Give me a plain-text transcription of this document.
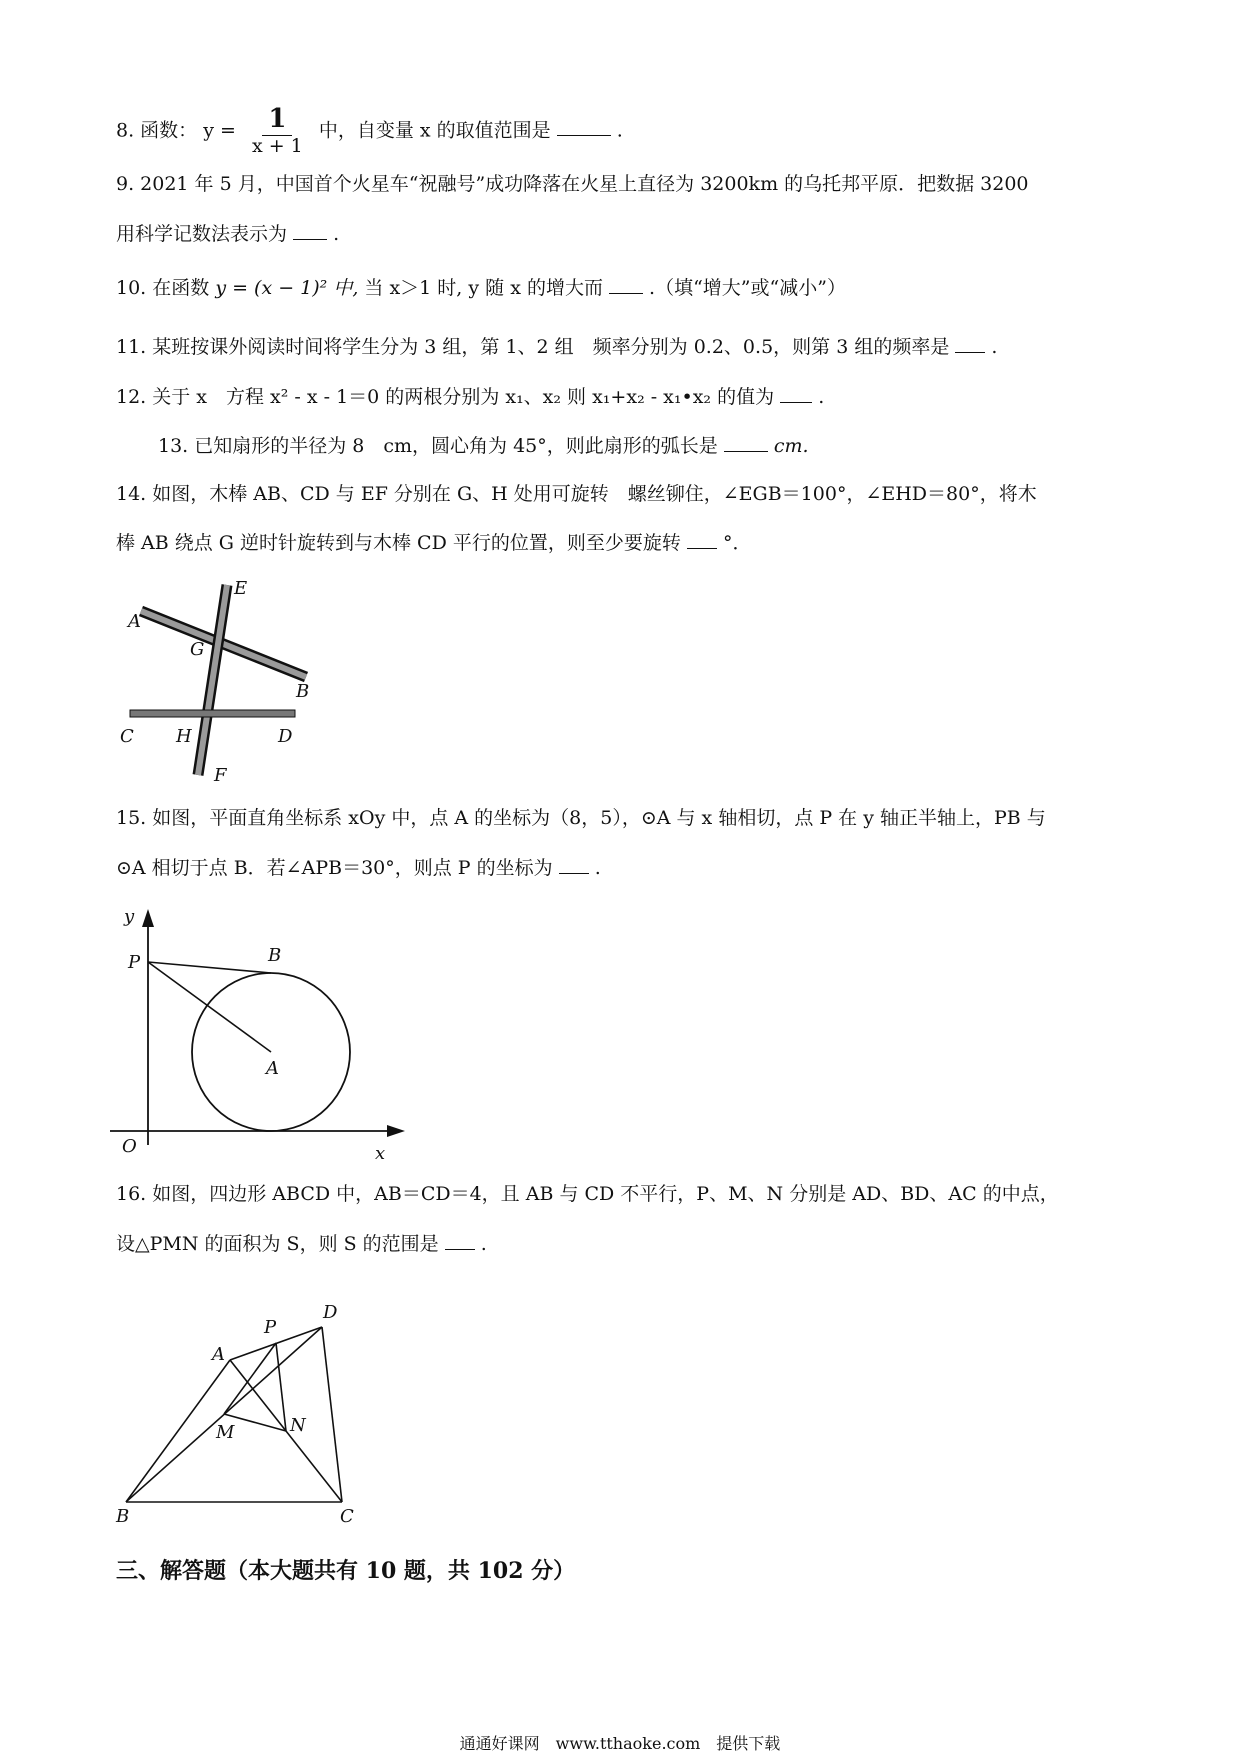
8. 函数： $y = \frac{1}{x + 1}$ 中，自变量 x 的取值范围是	.
9. 2021 年 5 月，中国首个火星车“祝融号”成功降落在火星上直径为 3200km 的乌托邦平原．把数据 3200
用科学记数法表示为 .
10. 在函数 y = (x − 1)² 中, 当 x＞1 时, y 随 x 的增大而 .（填“增大”或“减小”）
11. 某班按课外阅读时间将学生分为 3 组，第 1、2 组　频率分别为 0.2、0.5，则第 3 组的频率是 .
12. 关于 x　方程 x² - x - 1＝0 的两根分别为 x₁、x₂ 则 x₁+x₂ - x₁•x₂ 的值为 .
13. 已知扇形的半径为 8　cm，圆心角为 45°，则此扇形的弧长是	cm.
14. 如图，木棒 AB、CD 与 EF 分别在 G、H 处用可旋转　螺丝铆住，∠EGB＝100°，∠EHD＝80°，将木
棒 AB 绕点 G 逆时针旋转到与木棒 CD 平行的位置，则至少要旋转 °．
E
A
G
B
C H	D
F
15. 如图，平面直角坐标系 xOy 中，点 A 的坐标为（8，5），⊙A 与 x 轴相切，点 P 在 y 轴正半轴上，PB 与
⊙A 相切于点 B．若∠APB＝30°，则点 P 的坐标为 .
y
P	B
A
O	x
16. 如图，四边形 ABCD 中，AB＝CD＝4，且 AB 与 CD 不平行，P、M、N 分别是 AD、BD、AC 的中点，
设△PMN 的面积为 S，则 S 的范围是 .
D
P
A
M	N
B	C
三、解答题（本大题共有 10 题，共 102 分）
通通好课网　www.tthaoke.com　提供下载
